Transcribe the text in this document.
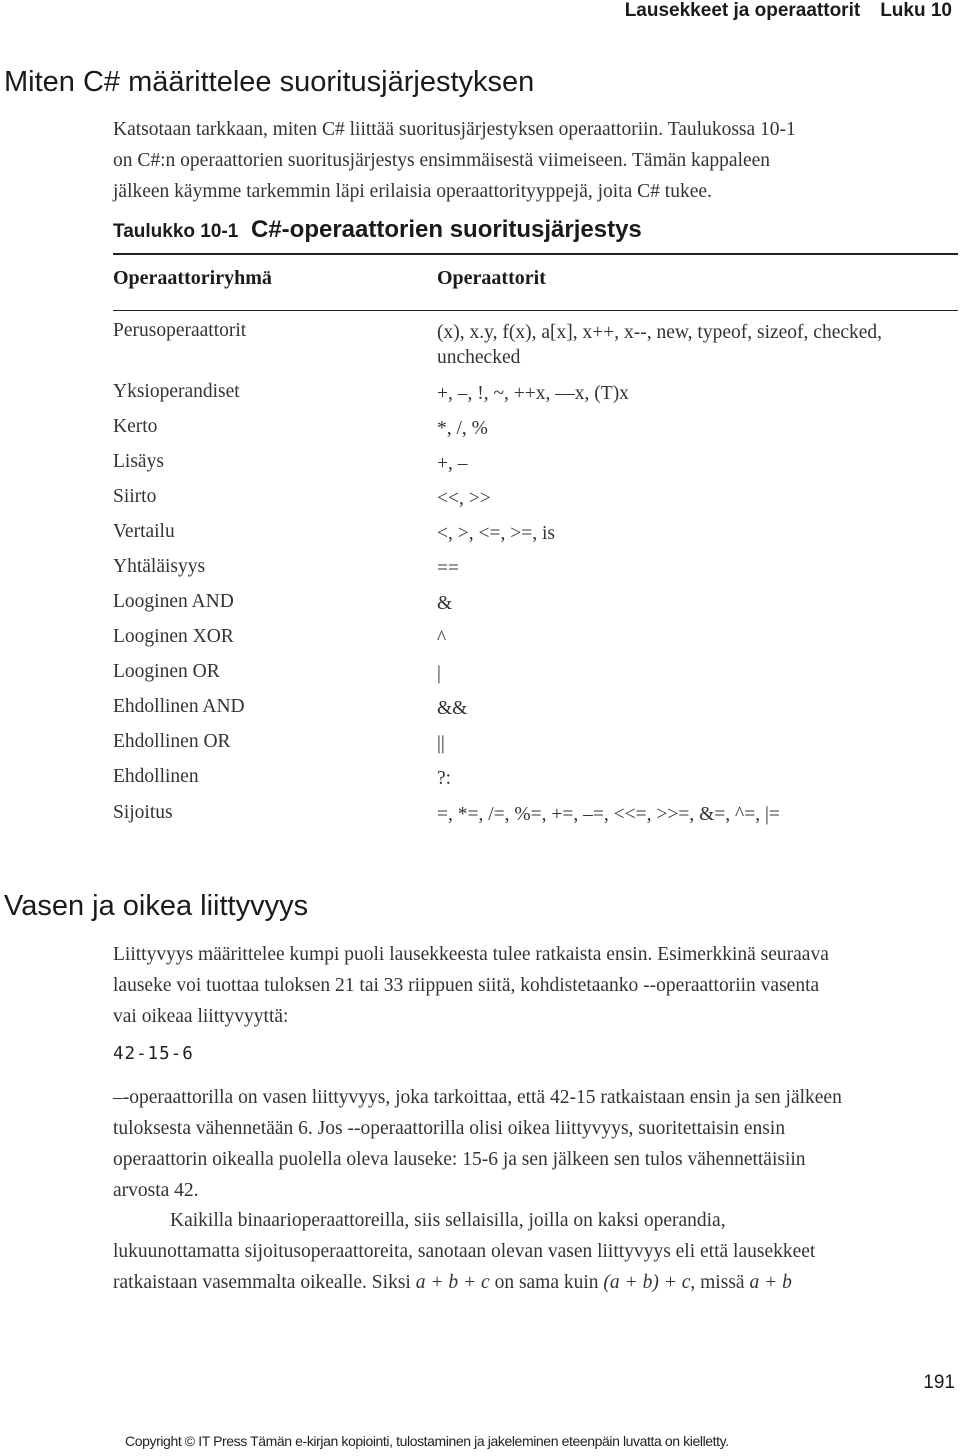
Lausekkeet ja operaattorit Luku 10
Miten C# määrittelee suoritusjärjestyksen
Katsotaan tarkkaan, miten C# liittää suoritusjärjestyksen operaattoriin. Taulukossa 10-1
on C#:n operaattorien suoritusjärjestys ensimmäisestä viimeiseen. Tämän kappaleen
jälkeen käymme tarkemmin läpi erilaisia operaattorityyppejä, joita C# tukee.
Taulukko 10-1 C#-operaattorien suoritusjärjestys
Operaattoriryhmä	Operaattorit
Perusoperaattorit	(x), x.y, f(x), a[x], x++, x--, new, typeof, sizeof, checked, unchecked
Yksioperandiset	+, –, !, ~, ++x, ––x, (T)x
Kerto	*, /, %
Lisäys	+, –
Siirto	<<, >>
Vertailu	<, >, <=, >=, is
Yhtäläisyys	==
Looginen AND	&
Looginen XOR	^
Looginen OR	|
Ehdollinen AND	&&
Ehdollinen OR	||
Ehdollinen	?:
Sijoitus	=, *=, /=, %=, +=, –=, <<=, >>=, &=, ^=, |=
Vasen ja oikea liittyvyys
Liittyvyys määrittelee kumpi puoli lausekkeesta tulee ratkaista ensin. Esimerkkinä seuraava
lauseke voi tuottaa tuloksen 21 tai 33 riippuen siitä, kohdistetaanko --operaattoriin vasenta
vai oikeaa liittyvyyttä:
42-15-6
–-operaattorilla on vasen liittyvyys, joka tarkoittaa, että 42-15 ratkaistaan ensin ja sen jälkeen
tuloksesta vähennetään 6. Jos --operaattorilla olisi oikea liittyvyys, suoritettaisin ensin
operaattorin oikealla puolella oleva lauseke: 15-6 ja sen jälkeen sen tulos vähennettäisiin
arvosta 42.
Kaikilla binaarioperaattoreilla, siis sellaisilla, joilla on kaksi operandia,
lukuunottamatta sijoitusoperaattoreita, sanotaan olevan vasen liittyvyys eli että lausekkeet
ratkaistaan vasemmalta oikealle. Siksi a + b + c on sama kuin (a + b) + c, missä a + b
191
Copyright © IT Press Tämän e-kirjan kopiointi, tulostaminen ja jakeleminen eteenpäin luvatta on kielletty.
